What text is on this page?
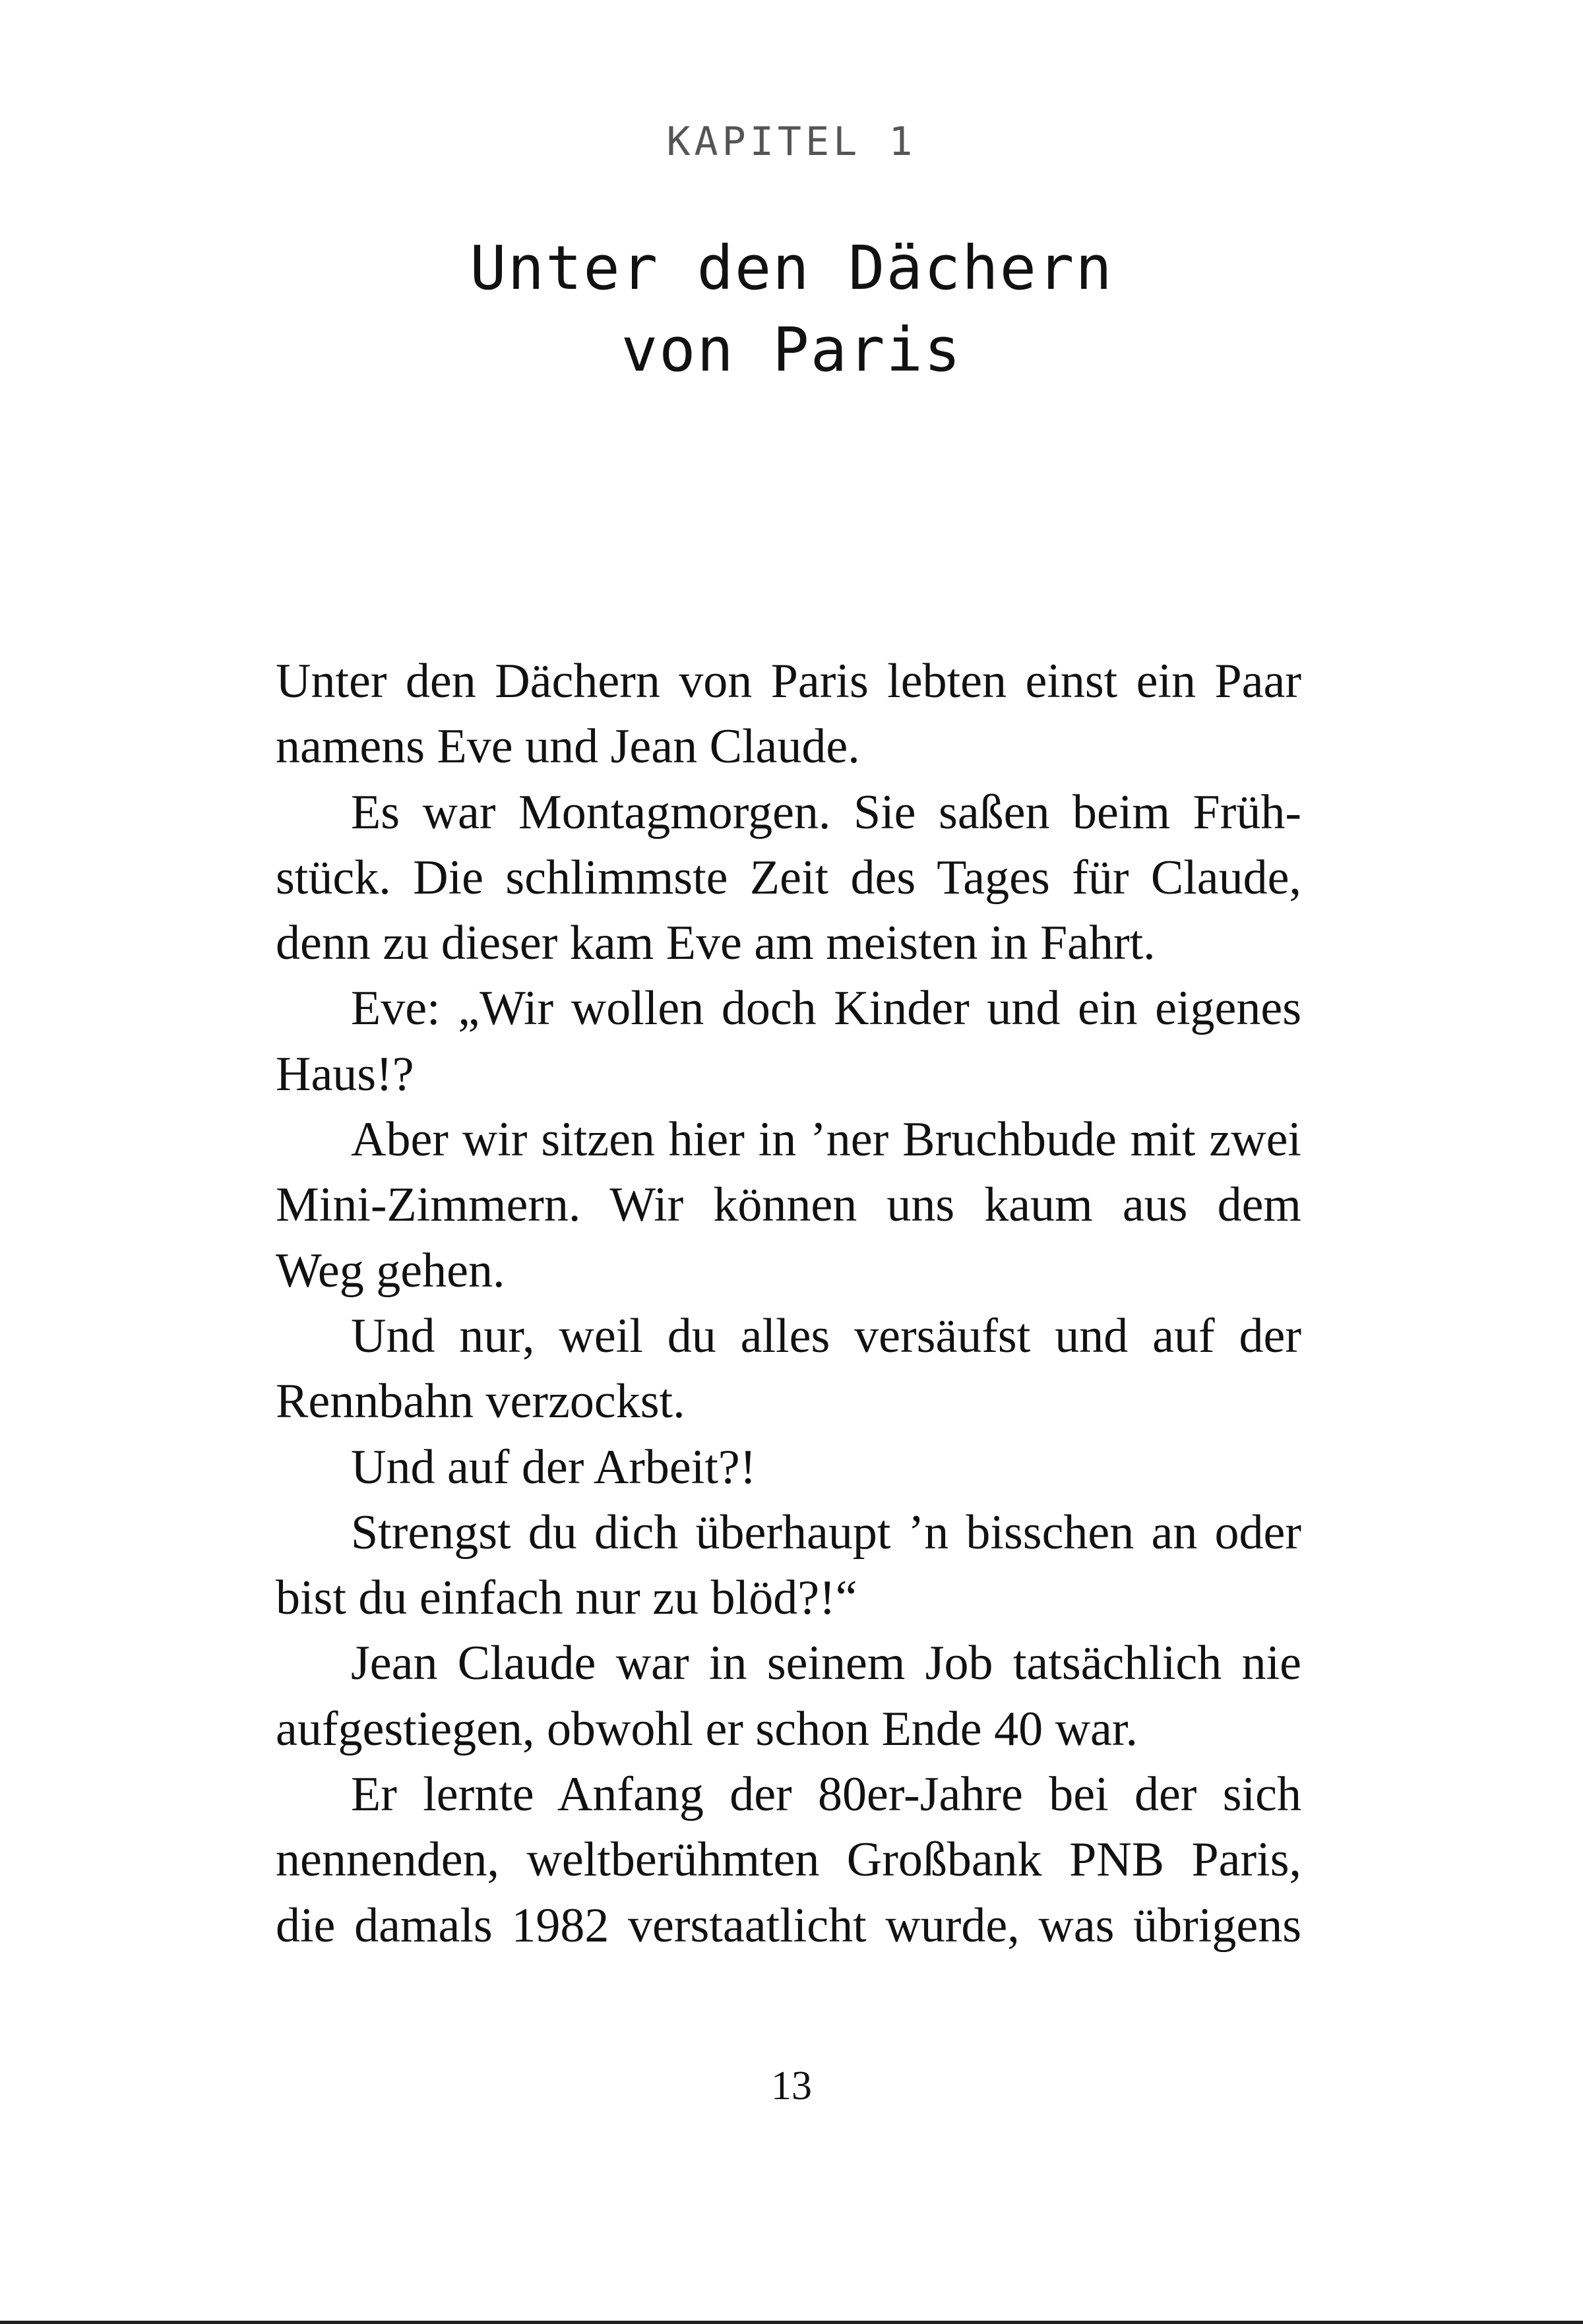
KAPITEL 1
Unter den Dächern
von Paris
Unter den Dächern von Paris lebten einst ein Paar
namens Eve und Jean Claude.
Es war Montagmorgen. Sie saßen beim Früh-
stück. Die schlimmste Zeit des Tages für Claude,
denn zu dieser kam Eve am meisten in Fahrt.
Eve: „Wir wollen doch Kinder und ein eigenes
Haus!?
Aber wir sitzen hier in ’ner Bruchbude mit zwei
Mini-Zimmern. Wir können uns kaum aus dem
Weg gehen.
Und nur, weil du alles versäufst und auf der
Rennbahn verzockst.
Und auf der Arbeit?!
Strengst du dich überhaupt ’n bisschen an oder
bist du einfach nur zu blöd?!“
Jean Claude war in seinem Job tatsächlich nie
aufgestiegen, obwohl er schon Ende 40 war.
Er lernte Anfang der 80er-Jahre bei der sich
nennenden, weltberühmten Großbank PNB Paris,
die damals 1982 verstaatlicht wurde, was übrigens
13
